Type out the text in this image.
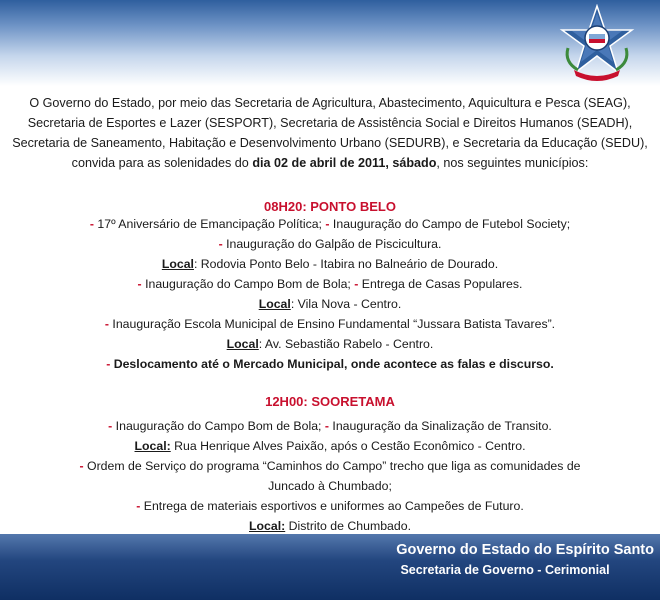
O Governo do Estado, por meio das Secretaria de Agricultura, Abastecimento, Aquicultura e Pesca (SEAG), Secretaria de Esportes e Lazer (SESPORT), Secretaria de Assistência Social e Direitos Humanos (SEADH), Secretaria de Saneamento, Habitação e Desenvolvimento Urbano (SEDURB), e Secretaria da Educação (SEDU), convida para as solenidades do dia 02 de abril de 2011, sábado, nos seguintes municípios:

08H20: PONTO BELO
- 17º Aniversário de Emancipação Política; - Inauguração do Campo de Futebol Society;
- Inauguração do Galpão de Piscicultura.
Local: Rodovia Ponto Belo - Itabira no Balneário de Dourado.
- Inauguração do Campo Bom de Bola; - Entrega de Casas Populares.
Local: Vila Nova - Centro.
- Inauguração Escola Municipal de Ensino Fundamental “Jussara Batista Tavares”.
Local: Av. Sebastião Rabelo - Centro.
- Deslocamento até o Mercado Municipal, onde acontece as falas e discurso.
12H00: SOORETAMA
- Inauguração do Campo Bom de Bola; - Inauguração da Sinalização de Transito.
Local: Rua Henrique Alves Paixão, após o Cestão Econômico - Centro.
- Ordem de Serviço do programa “Caminhos do Campo” trecho que liga as comunidades de
Juncado à Chumbado;
- Entrega de materiais esportivos e uniformes ao Campeões de Futuro.
Local: Distrito de Chumbado.
Governo do Estado do Espírito Santo
Secretaria de Governo - Cerimonial
